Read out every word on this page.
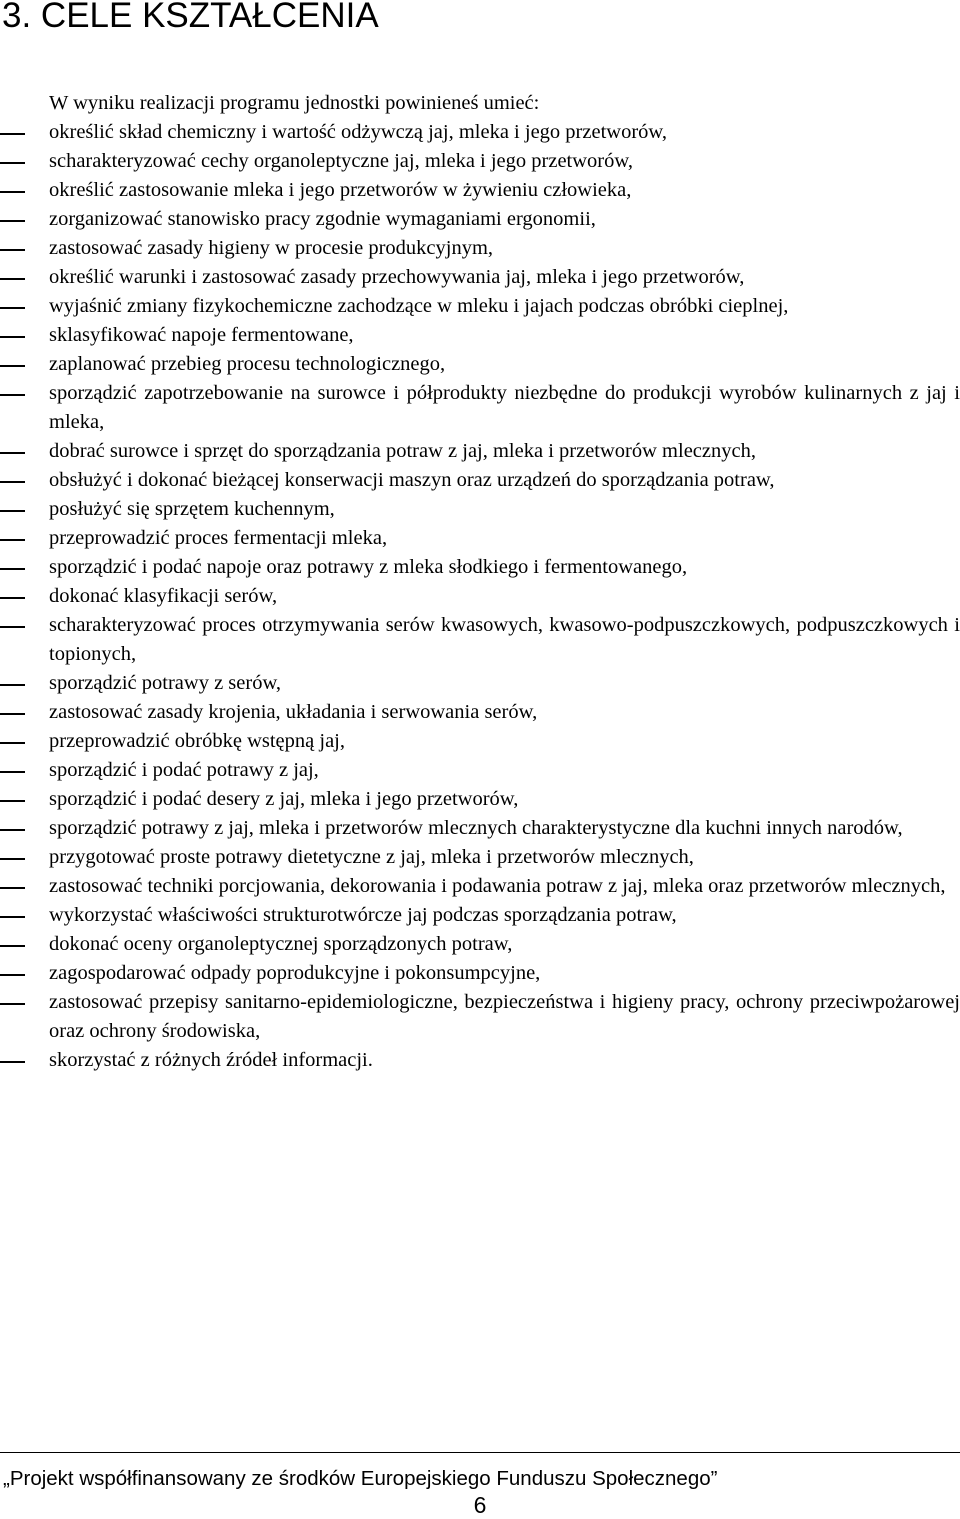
3. CELE KSZTAŁCENIA
W wyniku realizacji programu jednostki powinieneś umieć:
określić skład chemiczny i wartość odżywczą jaj, mleka i jego przetworów,
scharakteryzować cechy organoleptyczne jaj, mleka i jego przetworów,
określić zastosowanie mleka i jego przetworów w żywieniu człowieka,
zorganizować stanowisko pracy zgodnie wymaganiami ergonomii,
zastosować zasady higieny w procesie produkcyjnym,
określić warunki i zastosować zasady przechowywania jaj, mleka i jego przetworów,
wyjaśnić zmiany fizykochemiczne zachodzące w mleku i jajach podczas obróbki cieplnej,
sklasyfikować napoje fermentowane,
zaplanować przebieg procesu technologicznego,
sporządzić zapotrzebowanie na surowce i półprodukty niezbędne do produkcji wyrobów kulinarnych z jaj i mleka,
dobrać surowce i sprzęt do sporządzania potraw z jaj, mleka i przetworów mlecznych,
obsłużyć i dokonać bieżącej konserwacji maszyn oraz urządzeń do sporządzania potraw,
posłużyć się sprzętem kuchennym,
przeprowadzić proces fermentacji mleka,
sporządzić i podać napoje oraz potrawy z mleka słodkiego i fermentowanego,
dokonać klasyfikacji serów,
scharakteryzować proces otrzymywania serów kwasowych, kwasowo-podpuszczkowych, podpuszczkowych i topionych,
sporządzić potrawy z serów,
zastosować zasady krojenia, układania i serwowania serów,
przeprowadzić obróbkę wstępną jaj,
sporządzić i podać potrawy z jaj,
sporządzić i podać desery z jaj, mleka i jego przetworów,
sporządzić potrawy z jaj, mleka i przetworów mlecznych charakterystyczne dla kuchni innych narodów,
przygotować proste potrawy dietetyczne z jaj, mleka i przetworów mlecznych,
zastosować techniki porcjowania, dekorowania i podawania potraw z jaj, mleka oraz przetworów mlecznych,
wykorzystać właściwości strukturotwórcze jaj podczas sporządzania potraw,
dokonać oceny organoleptycznej sporządzonych potraw,
zagospodarować odpady poprodukcyjne i pokonsumpcyjne,
zastosować przepisy sanitarno-epidemiologiczne, bezpieczeństwa i higieny pracy, ochrony przeciwpożarowej oraz ochrony środowiska,
skorzystać z różnych źródeł informacji.
„Projekt współfinansowany ze środków Europejskiego Funduszu Społecznego”
6
